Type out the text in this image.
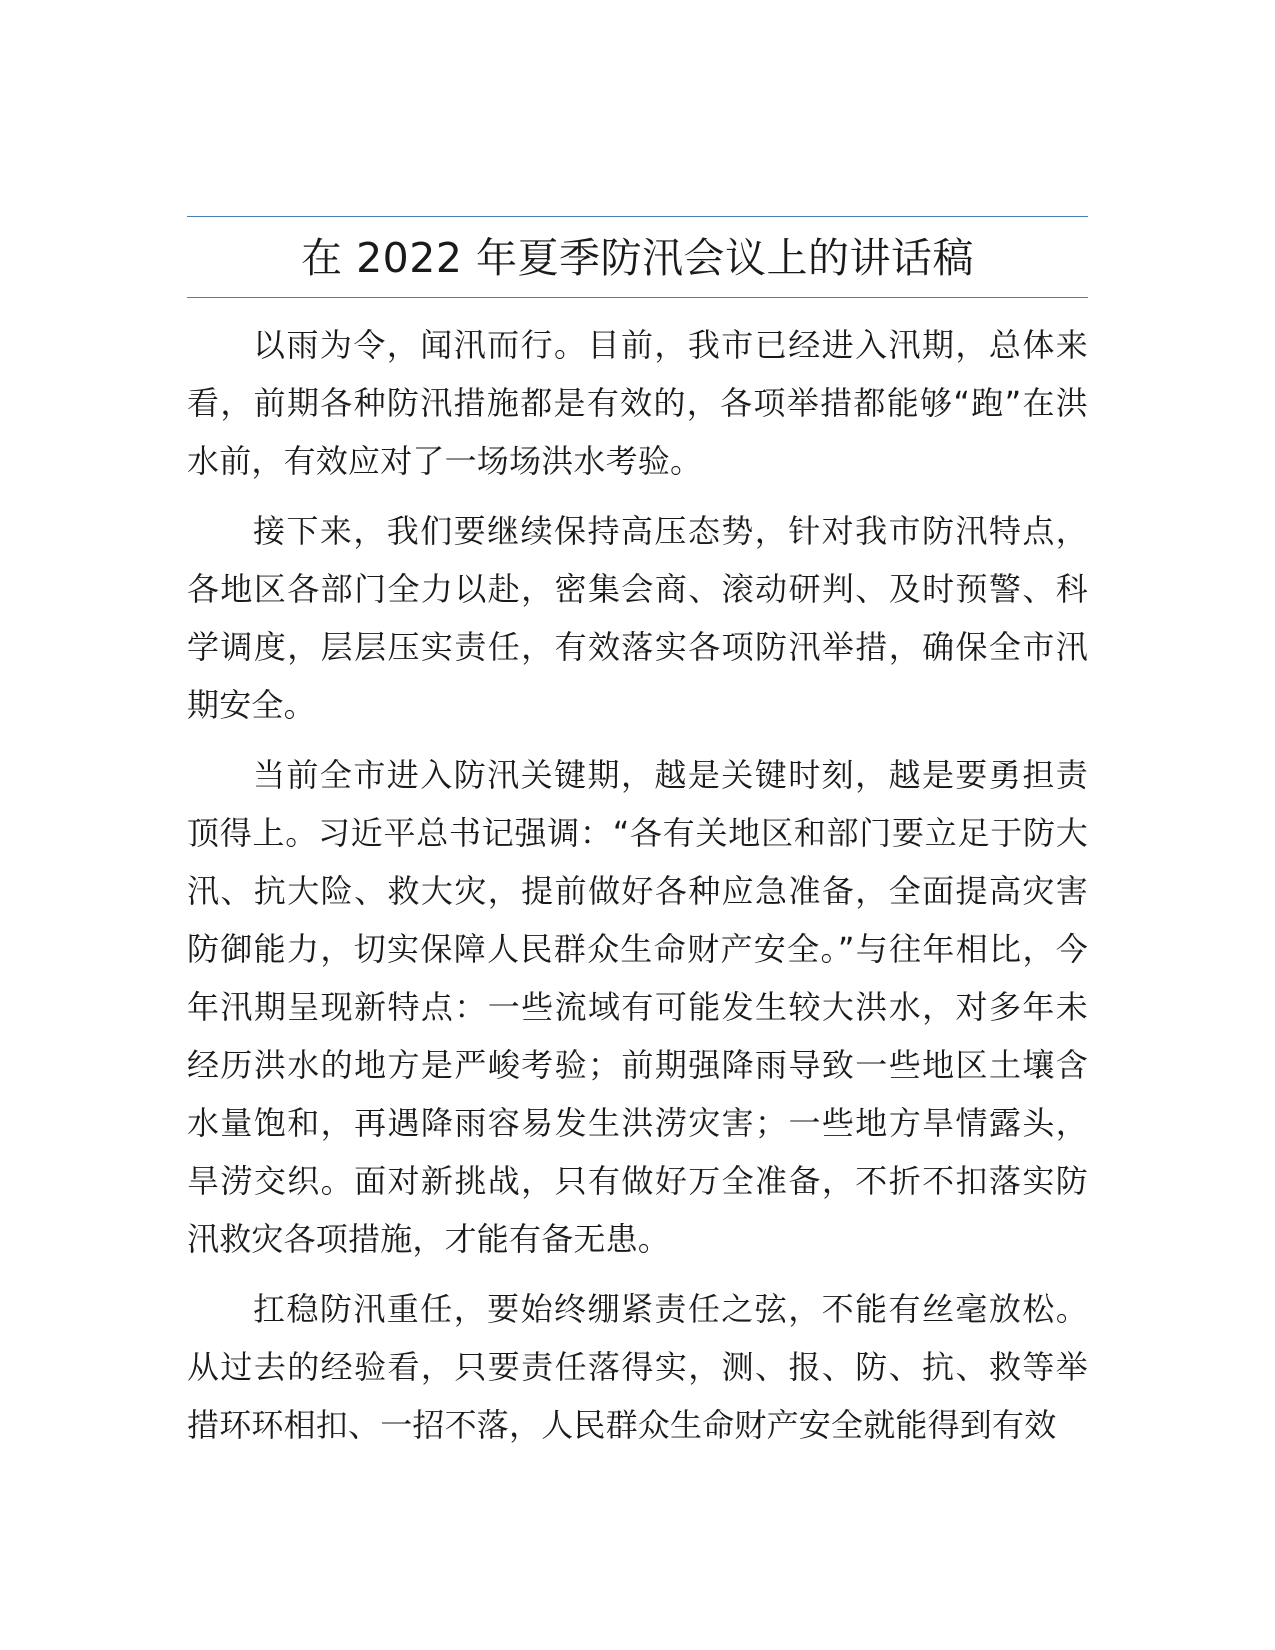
在 2022 年夏季防汛会议上的讲话稿

以雨为令，闻汛而行。目前，我市已经进入汛期，总体来看，前期各种防汛措施都是有效的，各项举措都能够“跑”在洪水前，有效应对了一场场洪水考验。

接下来，我们要继续保持高压态势，针对我市防汛特点，各地区各部门全力以赴，密集会商、滚动研判、及时预警、科学调度，层层压实责任，有效落实各项防汛举措，确保全市汛期安全。

当前全市进入防汛关键期，越是关键时刻，越是要勇担责顶得上。习近平总书记强调：“各有关地区和部门要立足于防大汛、抗大险、救大灾，提前做好各种应急准备，全面提高灾害防御能力，切实保障人民群众生命财产安全。”与往年相比，今年汛期呈现新特点：一些流域有可能发生较大洪水，对多年未经历洪水的地方是严峻考验；前期强降雨导致一些地区土壤含水量饱和，再遇降雨容易发生洪涝灾害；一些地方旱情露头，旱涝交织。面对新挑战，只有做好万全准备，不折不扣落实防汛救灾各项措施，才能有备无患。

扛稳防汛重任，要始终绷紧责任之弦，不能有丝毫放松。从过去的经验看，只要责任落得实，测、报、防、抗、救等举措环环相扣、一招不落，人民群众生命财产安全就能得到有效
